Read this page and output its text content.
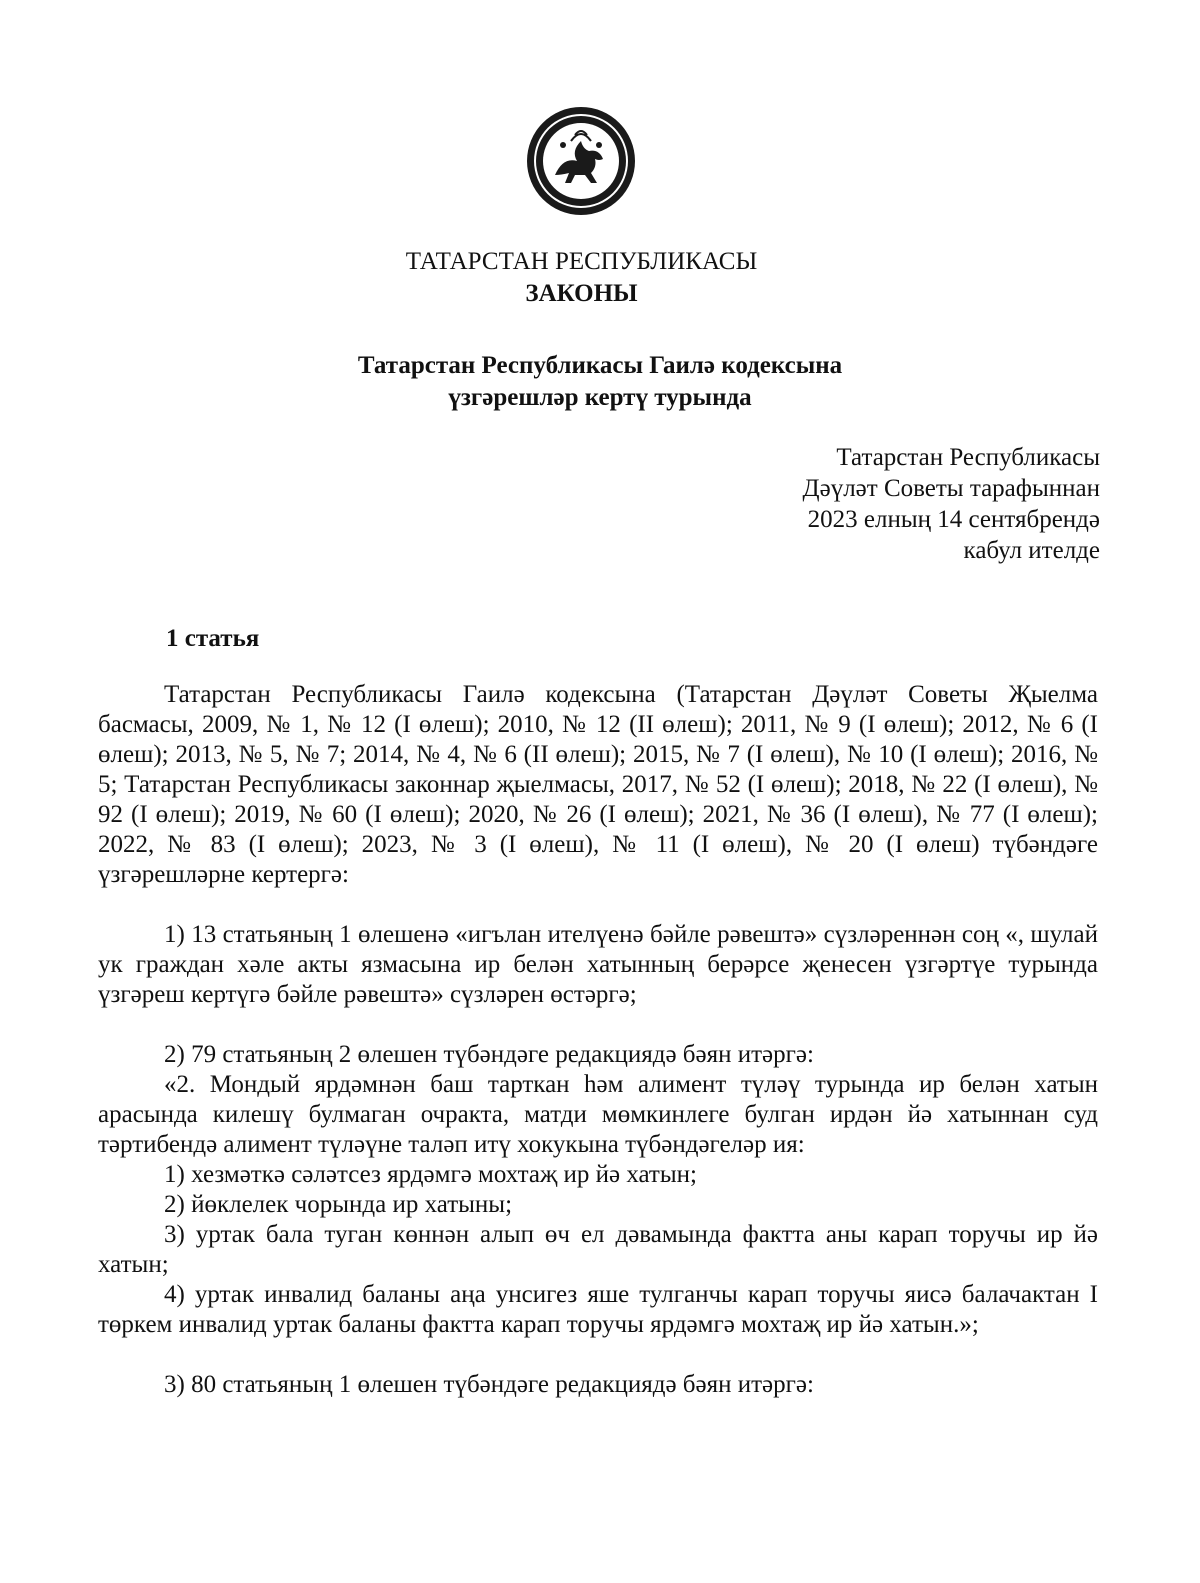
ТАТАРСТАН РЕСПУБЛИКАСЫ
ЗАКОНЫ
Татарстан Республикасы Гаилә кодексына
үзгәрешләр кертү турында
Татарстан Республикасы
Дәүләт Советы тарафыннан
2023 елның 14 сентябрендә
кабул ителде
1 статья

Татарстан Республикасы Гаилә кодексына (Татарстан Дәүләт Советы Җыелма басмасы, 2009, № 1, № 12 (I өлеш); 2010, № 12 (II өлеш); 2011, № 9 (I өлеш); 2012, № 6 (I өлеш); 2013, № 5, № 7; 2014, № 4, № 6 (II өлеш); 2015, № 7 (I өлеш), № 10 (I өлеш); 2016, № 5; Татарстан Республикасы законнар җыелмасы, 2017, № 52 (I өлеш); 2018, № 22 (I өлеш), № 92 (I өлеш); 2019, № 60 (I өлеш); 2020, № 26 (I өлеш); 2021, № 36 (I өлеш), № 77 (I өлеш); 2022, № 83 (I өлеш); 2023, № 3 (I өлеш), № 11 (I өлеш), № 20 (I өлеш) түбәндәге үзгәрешләрне кертергә:

1) 13 статьяның 1 өлешенә «игълан ителүенә бәйле рәвештә» сүзләреннән соң «, шулай ук граждан хәле акты язмасына ир белән хатынның берәрсе җенесен үзгәртүе турында үзгәреш кертүгә бәйле рәвештә» сүзләрен өстәргә;

2) 79 статьяның 2 өлешен түбәндәге редакциядә бәян итәргә:

«2. Мондый ярдәмнән баш тарткан һәм алимент түләү турында ир белән хатын арасында килешү булмаган очракта, матди мөмкинлеге булган ирдән йә хатыннан суд тәртибендә алимент түләүне таләп итү хокукына түбәндәгеләр ия:

1) хезмәткә сәләтсез ярдәмгә мохтаҗ ир йә хатын;

2) йөклелек чорында ир хатыны;

3) уртак бала туган көннән алып өч ел дәвамында фактта аны карап торучы ир йә хатын;

4) уртак инвалид баланы аңа унсигез яше тулганчы карап торучы яисә балачактан I төркем инвалид уртак баланы фактта карап торучы ярдәмгә мохтаҗ ир йә хатын.»;

3) 80 статьяның 1 өлешен түбәндәге редакциядә бәян итәргә:
